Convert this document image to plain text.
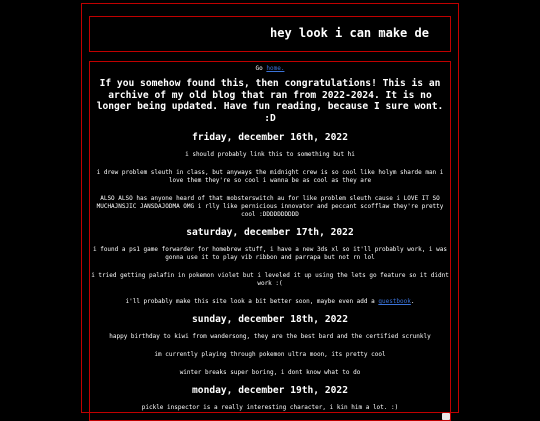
hey look i can make de

Go home.

If you somehow found this, then congratulations! This is an archive of my old blog that ran from 2022-2024. It is no longer being updated. Have fun reading, because I sure wont. :D

friday, december 16th, 2022

i should probably link this to something but hi

i drew problem sleuth in class, but anyways the midnight crew is so cool like holym sharde man i love them they're so cool i wanna be as cool as they are

ALSO ALSO has anyone heard of that mobsterswitch au for like problem sleuth cause i LOVE IT SO MUCHAJNSJIC JANSDAJODMA OMG i rlly like pernicious innovator and peccant scofflaw they're pretty cool :DDDDDDDDDD

saturday, december 17th, 2022

i found a ps1 game forwarder for homebrew stuff, i have a new 3ds xl so it'll probably work, i was gonna use it to play vib ribbon and parrapa but not rn lol

i tried getting palafin in pokemon violet but i leveled it up using the lets go feature so it didnt work :(

i'll probably make this site look a bit better soon, maybe even add a guestbook.

sunday, december 18th, 2022

happy birthday to kiwi from wandersong, they are the best bard and the certified scrunkly

im currently playing through pokemon ultra moon, its pretty cool

winter breaks super boring, i dont know what to do

monday, december 19th, 2022

pickle inspector is a really interesting character, i kin him a lot. :)
